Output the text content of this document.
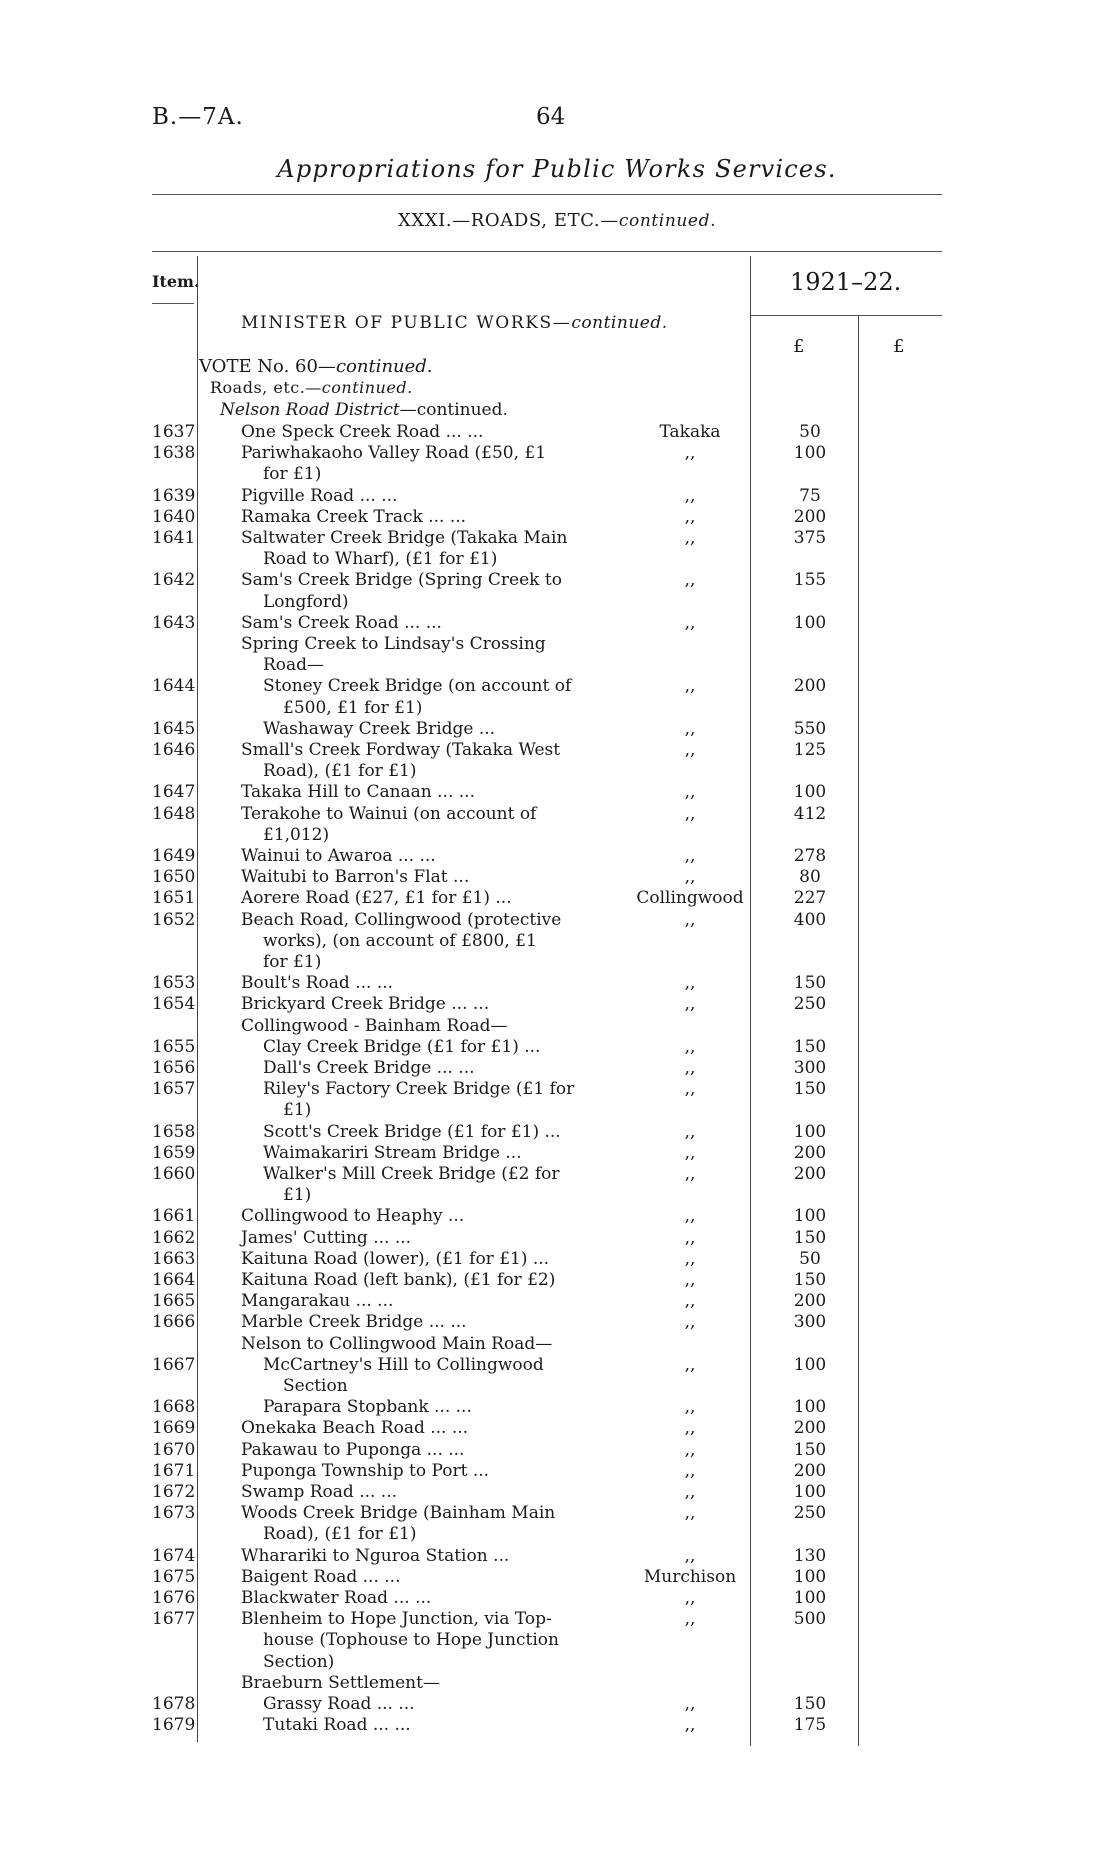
B.—7A.	64
Appropriations for Public Works Services.
XXXI.—ROADS, ETC.—continued.
Item.	1921–22.
£	£
MINISTER OF PUBLIC WORKS—continued.
VOTE No. 60—continued.
Roads, etc.—continued.
Nelson Road District—continued.
1637	One Speck Creek Road ... ...	Takaka	50
1638	Pariwhakaoho Valley Road (£50, £1
for £1)
,,	100
1639	Pigville Road ... ...	,,	75
1640	Ramaka Creek Track ... ...	,,	200
1641	Saltwater Creek Bridge (Takaka Main
Road to Wharf), (£1 for £1)
,,	375
1642	Sam's Creek Bridge (Spring Creek to
Longford)
,,	155
1643	Sam's Creek Road ... ...	,,	100
Spring Creek to Lindsay's Crossing
Road—
1644	Stoney Creek Bridge (on account of
£500, £1 for £1)
,,	200
1645	Washaway Creek Bridge ...	,,	550
1646	Small's Creek Fordway (Takaka West
Road), (£1 for £1)
,,	125
1647	Takaka Hill to Canaan ... ...	,,	100
1648	Terakohe to Wainui (on account of
£1,012)
,,	412
1649	Wainui to Awaroa ... ...	,,	278
1650	Waitubi to Barron's Flat ...	,,	80
1651	Aorere Road (£27, £1 for £1) ...	Collingwood	227
1652	Beach Road, Collingwood (protective
works), (on account of £800, £1
for £1)
,,	400
1653	Boult's Road ... ...	,,	150
1654	Brickyard Creek Bridge ... ...	,,	250
Collingwood - Bainham Road—
1655	Clay Creek Bridge (£1 for £1) ...	,,	150
1656	Dall's Creek Bridge ... ...	,,	300
1657	Riley's Factory Creek Bridge (£1 for
£1)
,,	150
1658	Scott's Creek Bridge (£1 for £1) ...	,,	100
1659	Waimakariri Stream Bridge ...	,,	200
1660	Walker's Mill Creek Bridge (£2 for
£1)
,,	200
1661	Collingwood to Heaphy ...	,,	100
1662	James' Cutting ... ...	,,	150
1663	Kaituna Road (lower), (£1 for £1) ...	,,	50
1664	Kaituna Road (left bank), (£1 for £2)	,,	150
1665	Mangarakau ... ...	,,	200
1666	Marble Creek Bridge ... ...	,,	300
Nelson to Collingwood Main Road—
1667	McCartney's Hill to Collingwood
Section
,,	100
1668	Parapara Stopbank ... ...	,,	100
1669	Onekaka Beach Road ... ...	,,	200
1670	Pakawau to Puponga ... ...	,,	150
1671	Puponga Township to Port ...	,,	200
1672	Swamp Road ... ...	,,	100
1673	Woods Creek Bridge (Bainham Main
Road), (£1 for £1)
,,	250
1674	Wharariki to Nguroa Station ...	,,	130
1675	Baigent Road ... ...	Murchison	100
1676	Blackwater Road ... ...	,,	100
1677	Blenheim to Hope Junction, via Top-
house (Tophouse to Hope Junction
Section)
,,	500
Braeburn Settlement—
1678	Grassy Road ... ...	,,	150
1679	Tutaki Road ... ...	,,	175
